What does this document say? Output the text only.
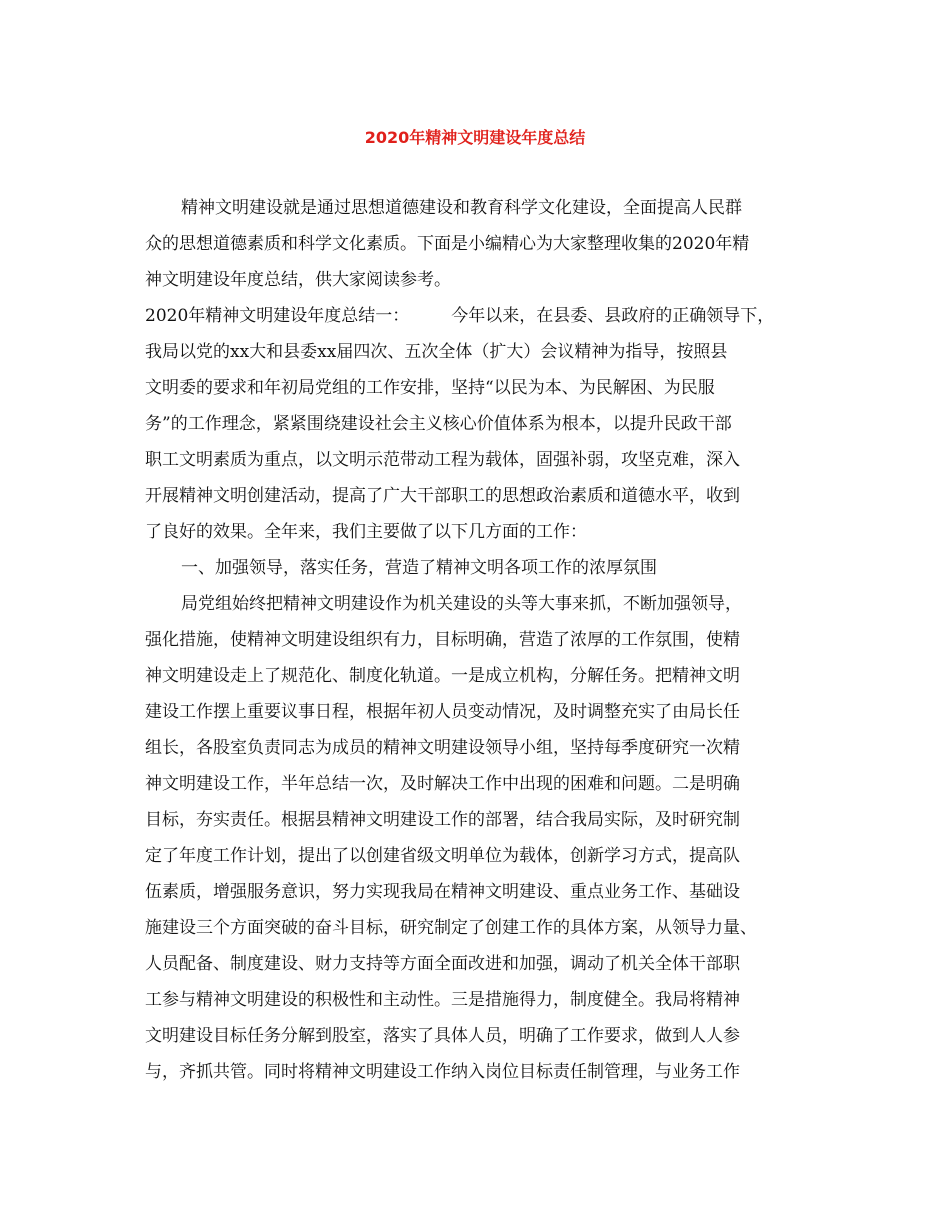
2020年精神文明建设年度总结
精神文明建设就是通过思想道德建设和教育科学文化建设，全面提高人民群
众的思想道德素质和科学文化素质。下面是小编精心为大家整理收集的2020年精
神文明建设年度总结，供大家阅读参考。
2020年精神文明建设年度总结一： 今年以来，在县委、县政府的正确领导下，
我局以党的xx大和县委xx届四次、五次全体（扩大）会议精神为指导，按照县
文明委的要求和年初局党组的工作安排，坚持“以民为本、为民解困、为民服
务”的工作理念，紧紧围绕建设社会主义核心价值体系为根本，以提升民政干部
职工文明素质为重点，以文明示范带动工程为载体，固强补弱，攻坚克难，深入
开展精神文明创建活动，提高了广大干部职工的思想政治素质和道德水平，收到
了良好的效果。全年来，我们主要做了以下几方面的工作：
一、加强领导，落实任务，营造了精神文明各项工作的浓厚氛围
局党组始终把精神文明建设作为机关建设的头等大事来抓，不断加强领导，
强化措施，使精神文明建设组织有力，目标明确，营造了浓厚的工作氛围，使精
神文明建设走上了规范化、制度化轨道。一是成立机构，分解任务。把精神文明
建设工作摆上重要议事日程，根据年初人员变动情况，及时调整充实了由局长任
组长，各股室负责同志为成员的精神文明建设领导小组，坚持每季度研究一次精
神文明建设工作，半年总结一次，及时解决工作中出现的困难和问题。二是明确
目标，夯实责任。根据县精神文明建设工作的部署，结合我局实际，及时研究制
定了年度工作计划，提出了以创建省级文明单位为载体，创新学习方式，提高队
伍素质，增强服务意识，努力实现我局在精神文明建设、重点业务工作、基础设
施建设三个方面突破的奋斗目标，研究制定了创建工作的具体方案，从领导力量、
人员配备、制度建设、财力支持等方面全面改进和加强，调动了机关全体干部职
工参与精神文明建设的积极性和主动性。三是措施得力，制度健全。我局将精神
文明建设目标任务分解到股室，落实了具体人员，明确了工作要求，做到人人参
与，齐抓共管。同时将精神文明建设工作纳入岗位目标责任制管理，与业务工作
